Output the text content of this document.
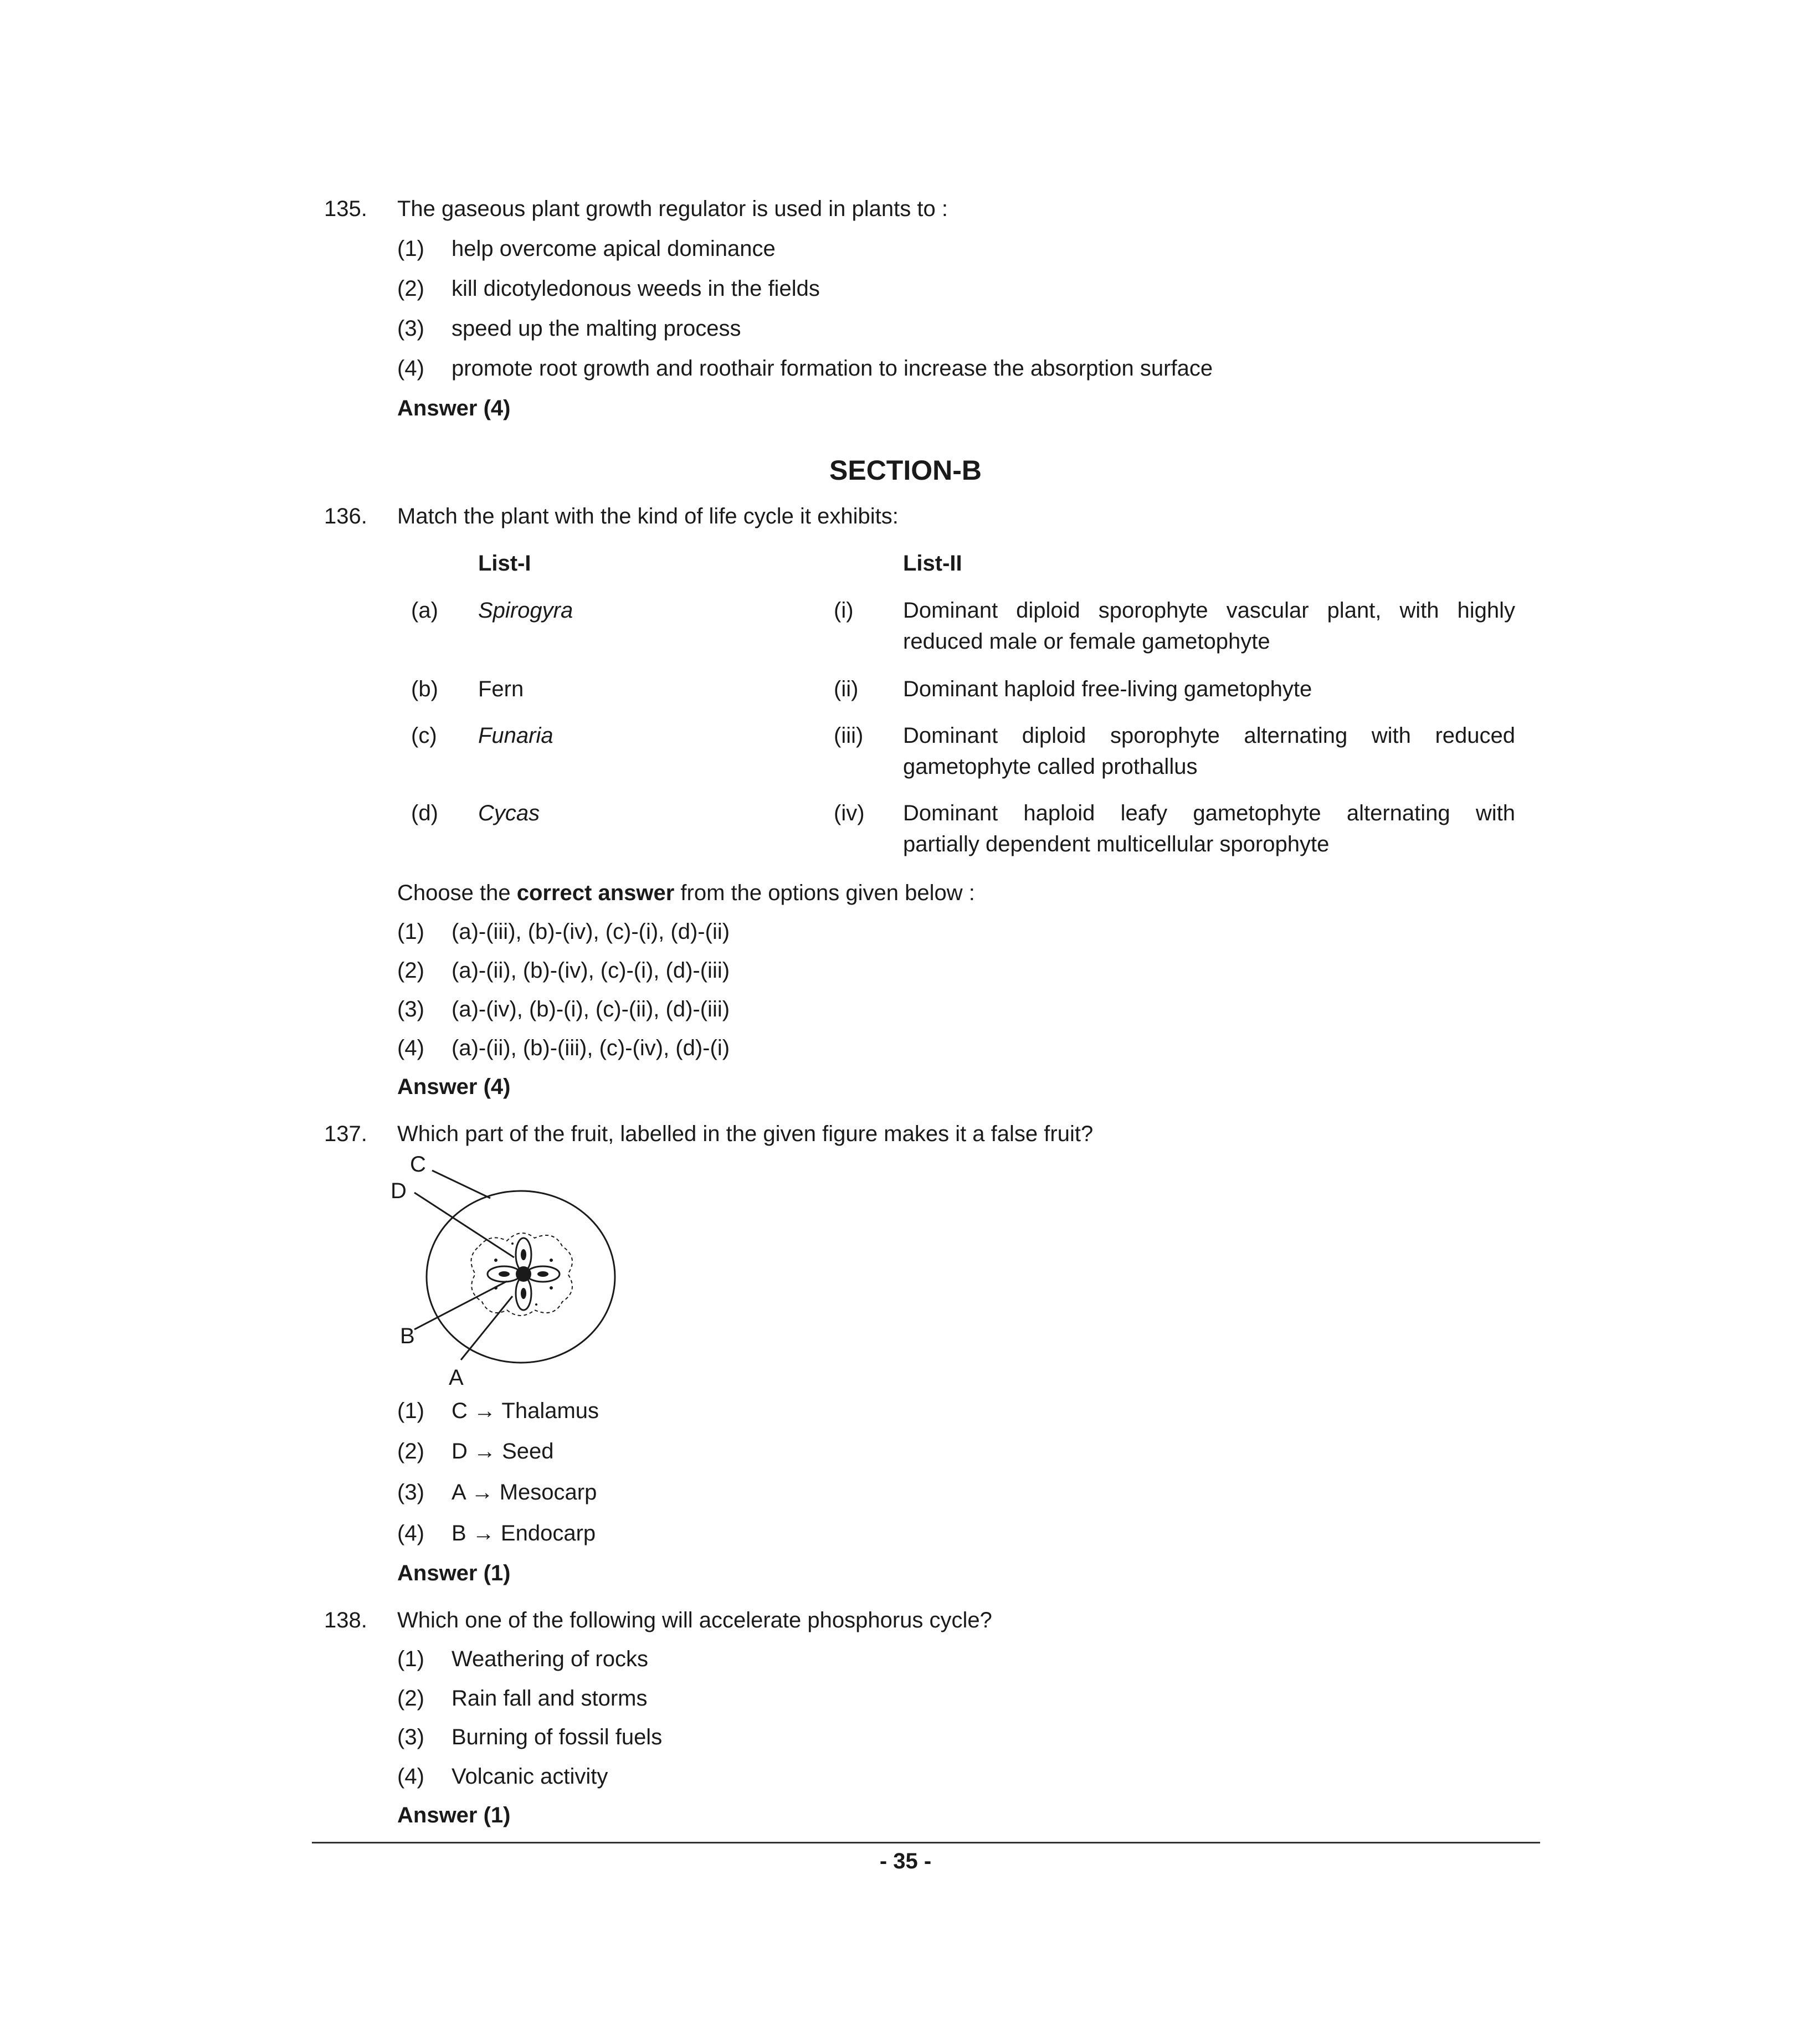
135. The gaseous plant growth regulator is used in plants to :
(1) help overcome apical dominance
(2) kill dicotyledonous weeds in the fields
(3) speed up the malting process
(4) promote root growth and roothair formation to increase the absorption surface
Answer (4)
SECTION-B
136. Match the plant with the kind of life cycle it exhibits:
List-I	List-II
(a) Spirogyra	(i) Dominant diploid sporophyte vascular plant, with highly
reduced male or female gametophyte
(b) Fern	(ii) Dominant haploid free-living gametophyte
(c) Funaria	(iii) Dominant diploid sporophyte alternating with reduced
gametophyte called prothallus
(d) Cycas	(iv) Dominant haploid leafy gametophyte alternating with
partially dependent multicellular sporophyte
Choose the correct answer from the options given below :
(1) (a)-(iii), (b)-(iv), (c)-(i), (d)-(ii)
(2) (a)-(ii), (b)-(iv), (c)-(i), (d)-(iii)
(3) (a)-(iv), (b)-(i), (c)-(ii), (d)-(iii)
(4) (a)-(ii), (b)-(iii), (c)-(iv), (d)-(i)
Answer (4)
137. Which part of the fruit, labelled in the given figure makes it a false fruit?
C
D
B
A
(1) C → Thalamus
(2) D → Seed
(3) A → Mesocarp
(4) B → Endocarp
Answer (1)
138. Which one of the following will accelerate phosphorus cycle?
(1) Weathering of rocks
(2) Rain fall and storms
(3) Burning of fossil fuels
(4) Volcanic activity
Answer (1)
- 35 -
